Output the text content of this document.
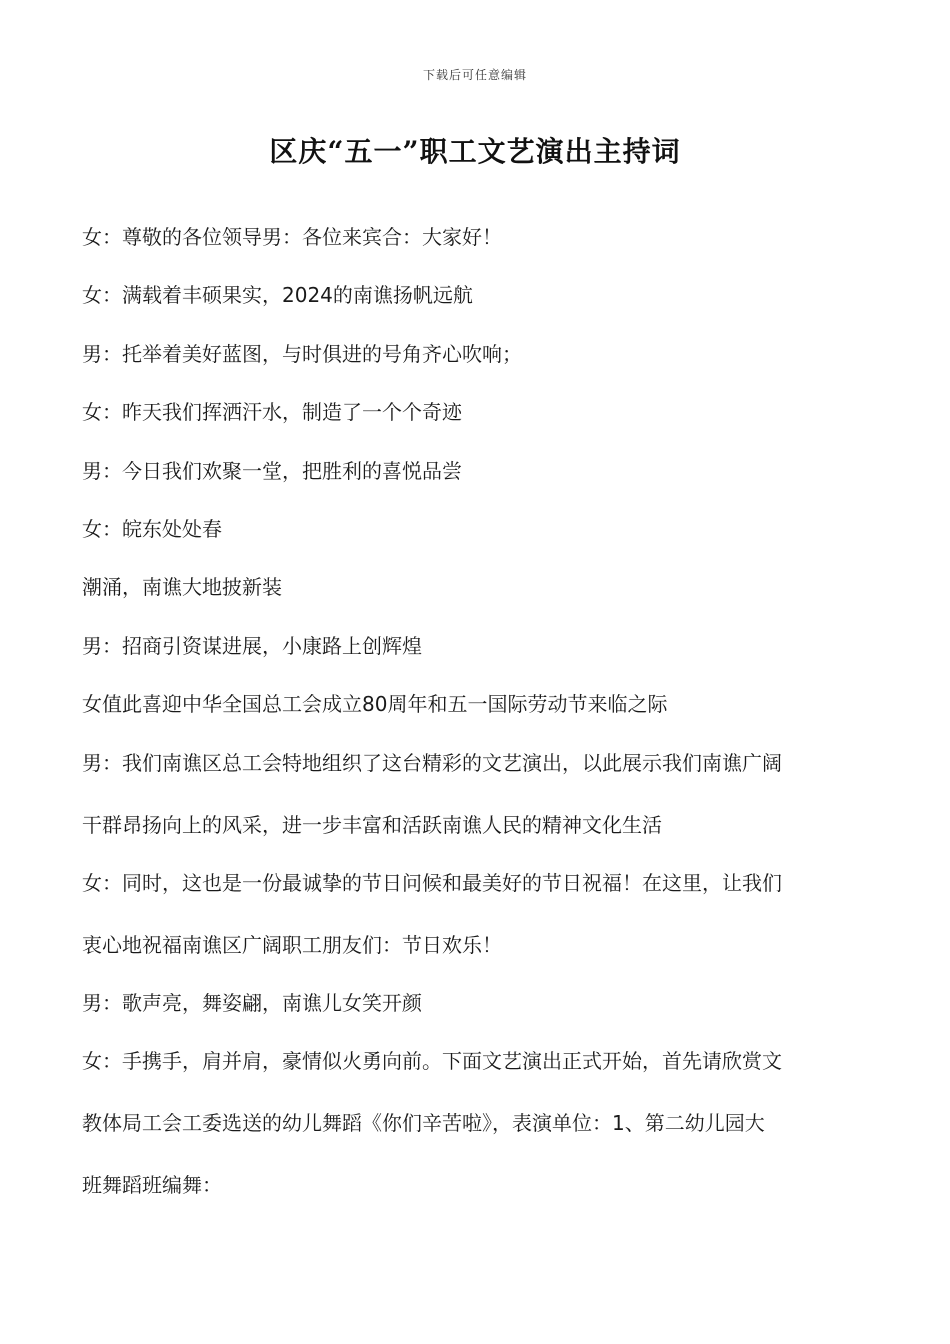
下载后可任意编辑
区庆“五一”职工文艺演出主持词
女：尊敬的各位领导男：各位来宾合：大家好！
女：满载着丰硕果实，2024的南谯扬帆远航
男：托举着美好蓝图，与时俱进的号角齐心吹响；
女：昨天我们挥洒汗水，制造了一个个奇迹
男：今日我们欢聚一堂，把胜利的喜悦品尝
女：皖东处处春
潮涌，南谯大地披新装
男：招商引资谋进展，小康路上创辉煌
女值此喜迎中华全国总工会成立80周年和五一国际劳动节来临之际
男：我们南谯区总工会特地组织了这台精彩的文艺演出，以此展示我们南谯广阔
干群昂扬向上的风采，进一步丰富和活跃南谯人民的精神文化生活
女：同时，这也是一份最诚挚的节日问候和最美好的节日祝福！在这里，让我们
衷心地祝福南谯区广阔职工朋友们：节日欢乐！
男：歌声亮，舞姿翩，南谯儿女笑开颜
女：手携手，肩并肩，豪情似火勇向前。下面文艺演出正式开始，首先请欣赏文
教体局工会工委选送的幼儿舞蹈《你们辛苦啦》，表演单位：1、第二幼儿园大
班舞蹈班编舞：
